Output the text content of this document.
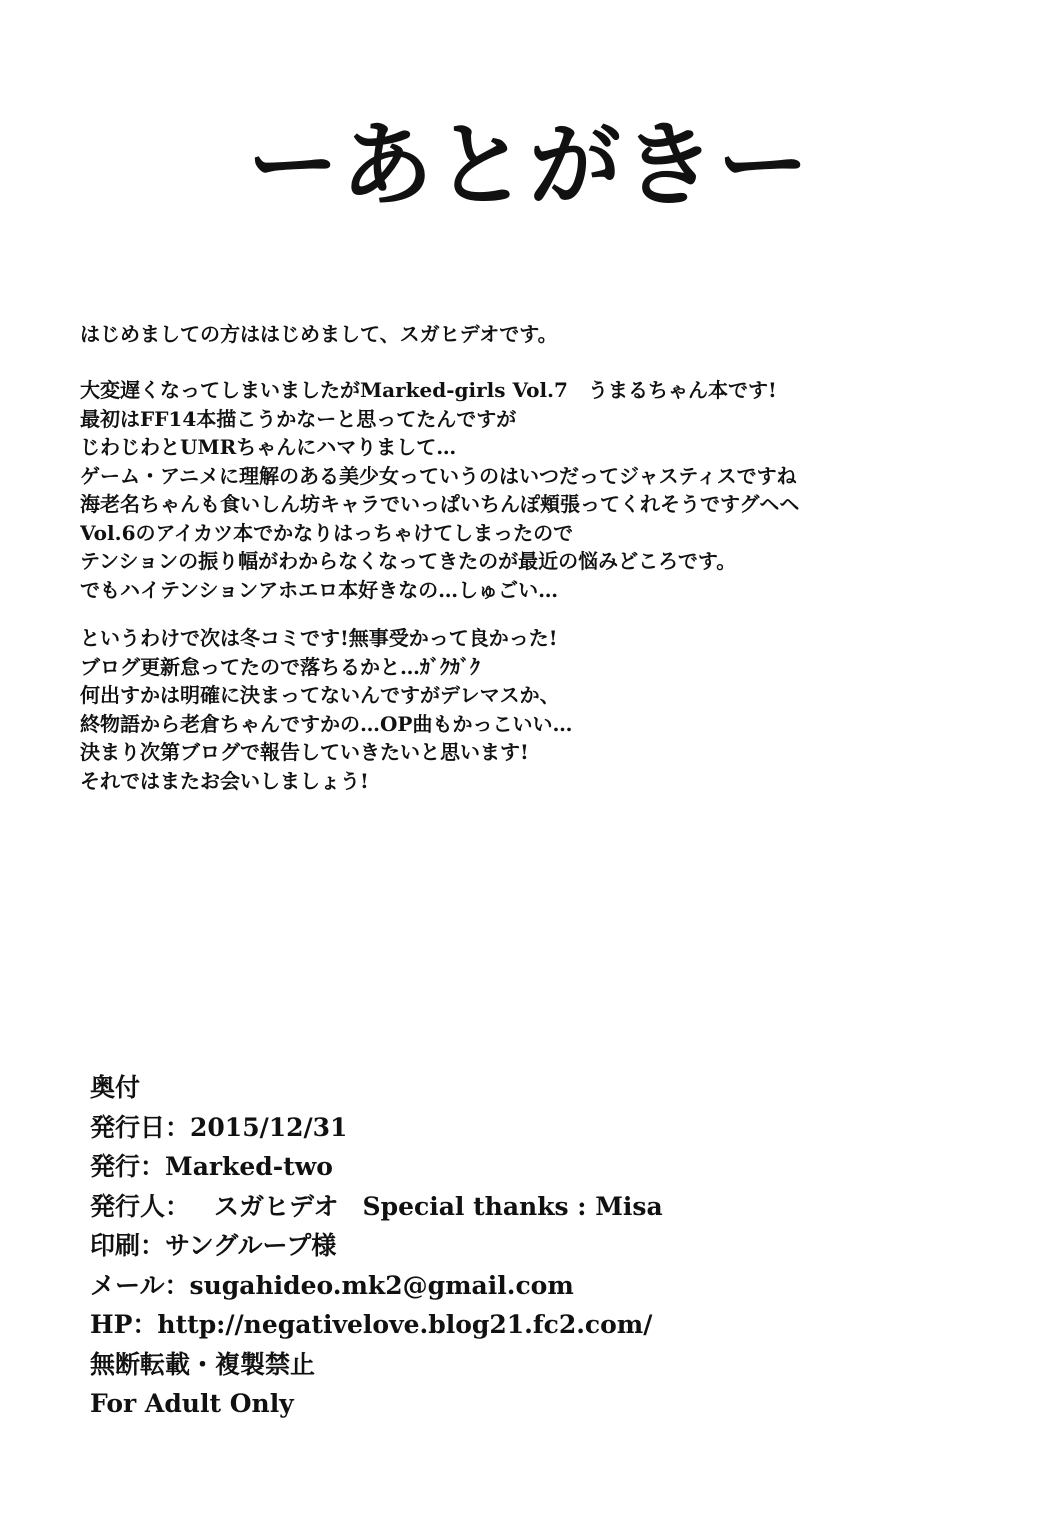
ーあとがきー
はじめましての方ははじめまして、スガヒデオです。
大変遅くなってしまいましたがMarked-girls Vol.7　うまるちゃん本です!
最初はFF14本描こうかなーと思ってたんですが
じわじわとUMRちゃんにハマりまして…
ゲーム・アニメに理解のある美少女っていうのはいつだってジャスティスですね
海老名ちゃんも食いしん坊キャラでいっぱいちんぽ頬張ってくれそうですグヘヘ
Vol.6のアイカツ本でかなりはっちゃけてしまったので
テンションの振り幅がわからなくなってきたのが最近の悩みどころです。
でもハイテンションアホエロ本好きなの…しゅごい…
というわけで次は冬コミです!無事受かって良かった!
ブログ更新怠ってたので落ちるかと…ｶﾞｸｶﾞｸ
何出すかは明確に決まってないんですがデレマスか、
終物語から老倉ちゃんですかの…OP曲もかっこいい…
決まり次第ブログで報告していきたいと思います!
それではまたお会いしましょう!
奥付
発行日：2015/12/31
発行：Marked-two
発行人： スガヒデオ Special thanks : Misa
印刷：サングループ様
メール：sugahideo.mk2@gmail.com
HP：http://negativelove.blog21.fc2.com/
無断転載・複製禁止
For Adult Only
